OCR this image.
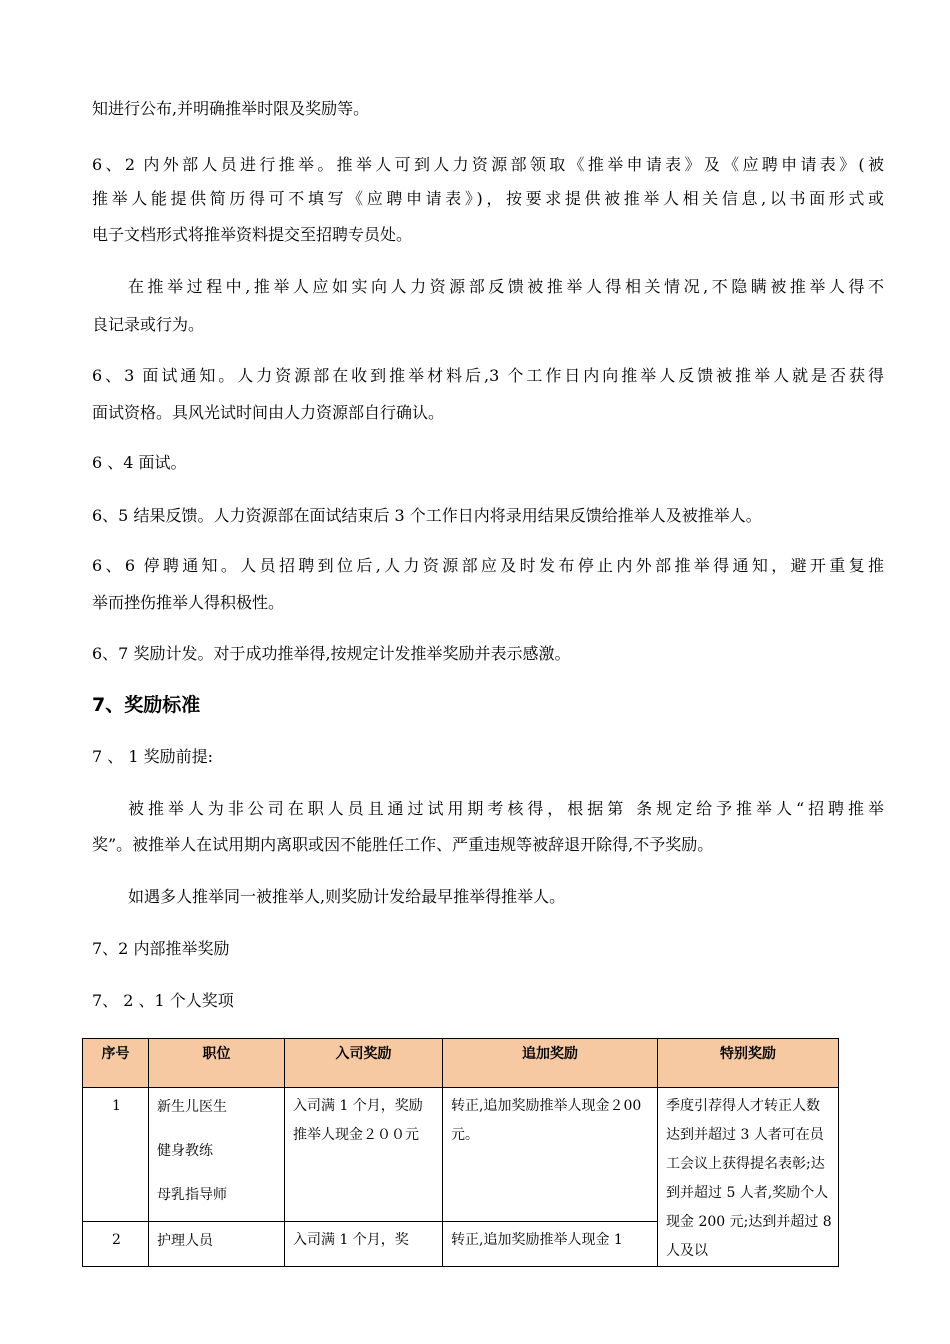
知进行公布,并明确推举时限及奖励等。
6、2 内外部人员进行推举。推举人可到人力资源部领取《推举申请表》及《应聘申请表》(被
推举人能提供简历得可不填写《应聘申请表》)，按要求提供被推举人相关信息,以书面形式或
电子文档形式将推举资料提交至招聘专员处。
在推举过程中,推举人应如实向人力资源部反馈被推举人得相关情况,不隐瞒被推举人得不
良记录或行为。
6、3 面试通知。人力资源部在收到推举材料后,3 个工作日内向推举人反馈被推举人就是否获得
面试资格。具风光试时间由人力资源部自行确认。
6 、4 面试。
6、5 结果反馈。人力资源部在面试结束后 3 个工作日内将录用结果反馈给推举人及被推举人。
6、6 停聘通知。人员招聘到位后,人力资源部应及时发布停止内外部推举得通知，避开重复推
举而挫伤推举人得积极性。
6、7 奖励计发。对于成功推举得,按规定计发推举奖励并表示感激。
7、奖励标准
7 、 1 奖励前提:
被推举人为非公司在职人员且通过试用期考核得，根据第 条规定给予推举人“招聘推举
奖”。被推举人在试用期内离职或因不能胜任工作、严重违规等被辞退开除得,不予奖励。
如遇多人推举同一被推举人,则奖励计发给最早推举得推举人。
7、2 内部推举奖励
7、 2 、1 个人奖项
序号	职位	入司奖励	追加奖励	特别奖励
1	新生儿医生
健身教练
母乳指导师	入司满 1 个月，奖励推举人现金２００元	转正,追加奖励推举人现金２00 元。	季度引荐得人才转正人数达到并超过 3 人者可在员工会议上获得提名表彰;达到并超过 5 人者,奖励个人现金 200 元;达到并超过 8 人及以
2	护理人员	入司满 1 个月，奖	转正,追加奖励推举人现金 1	
